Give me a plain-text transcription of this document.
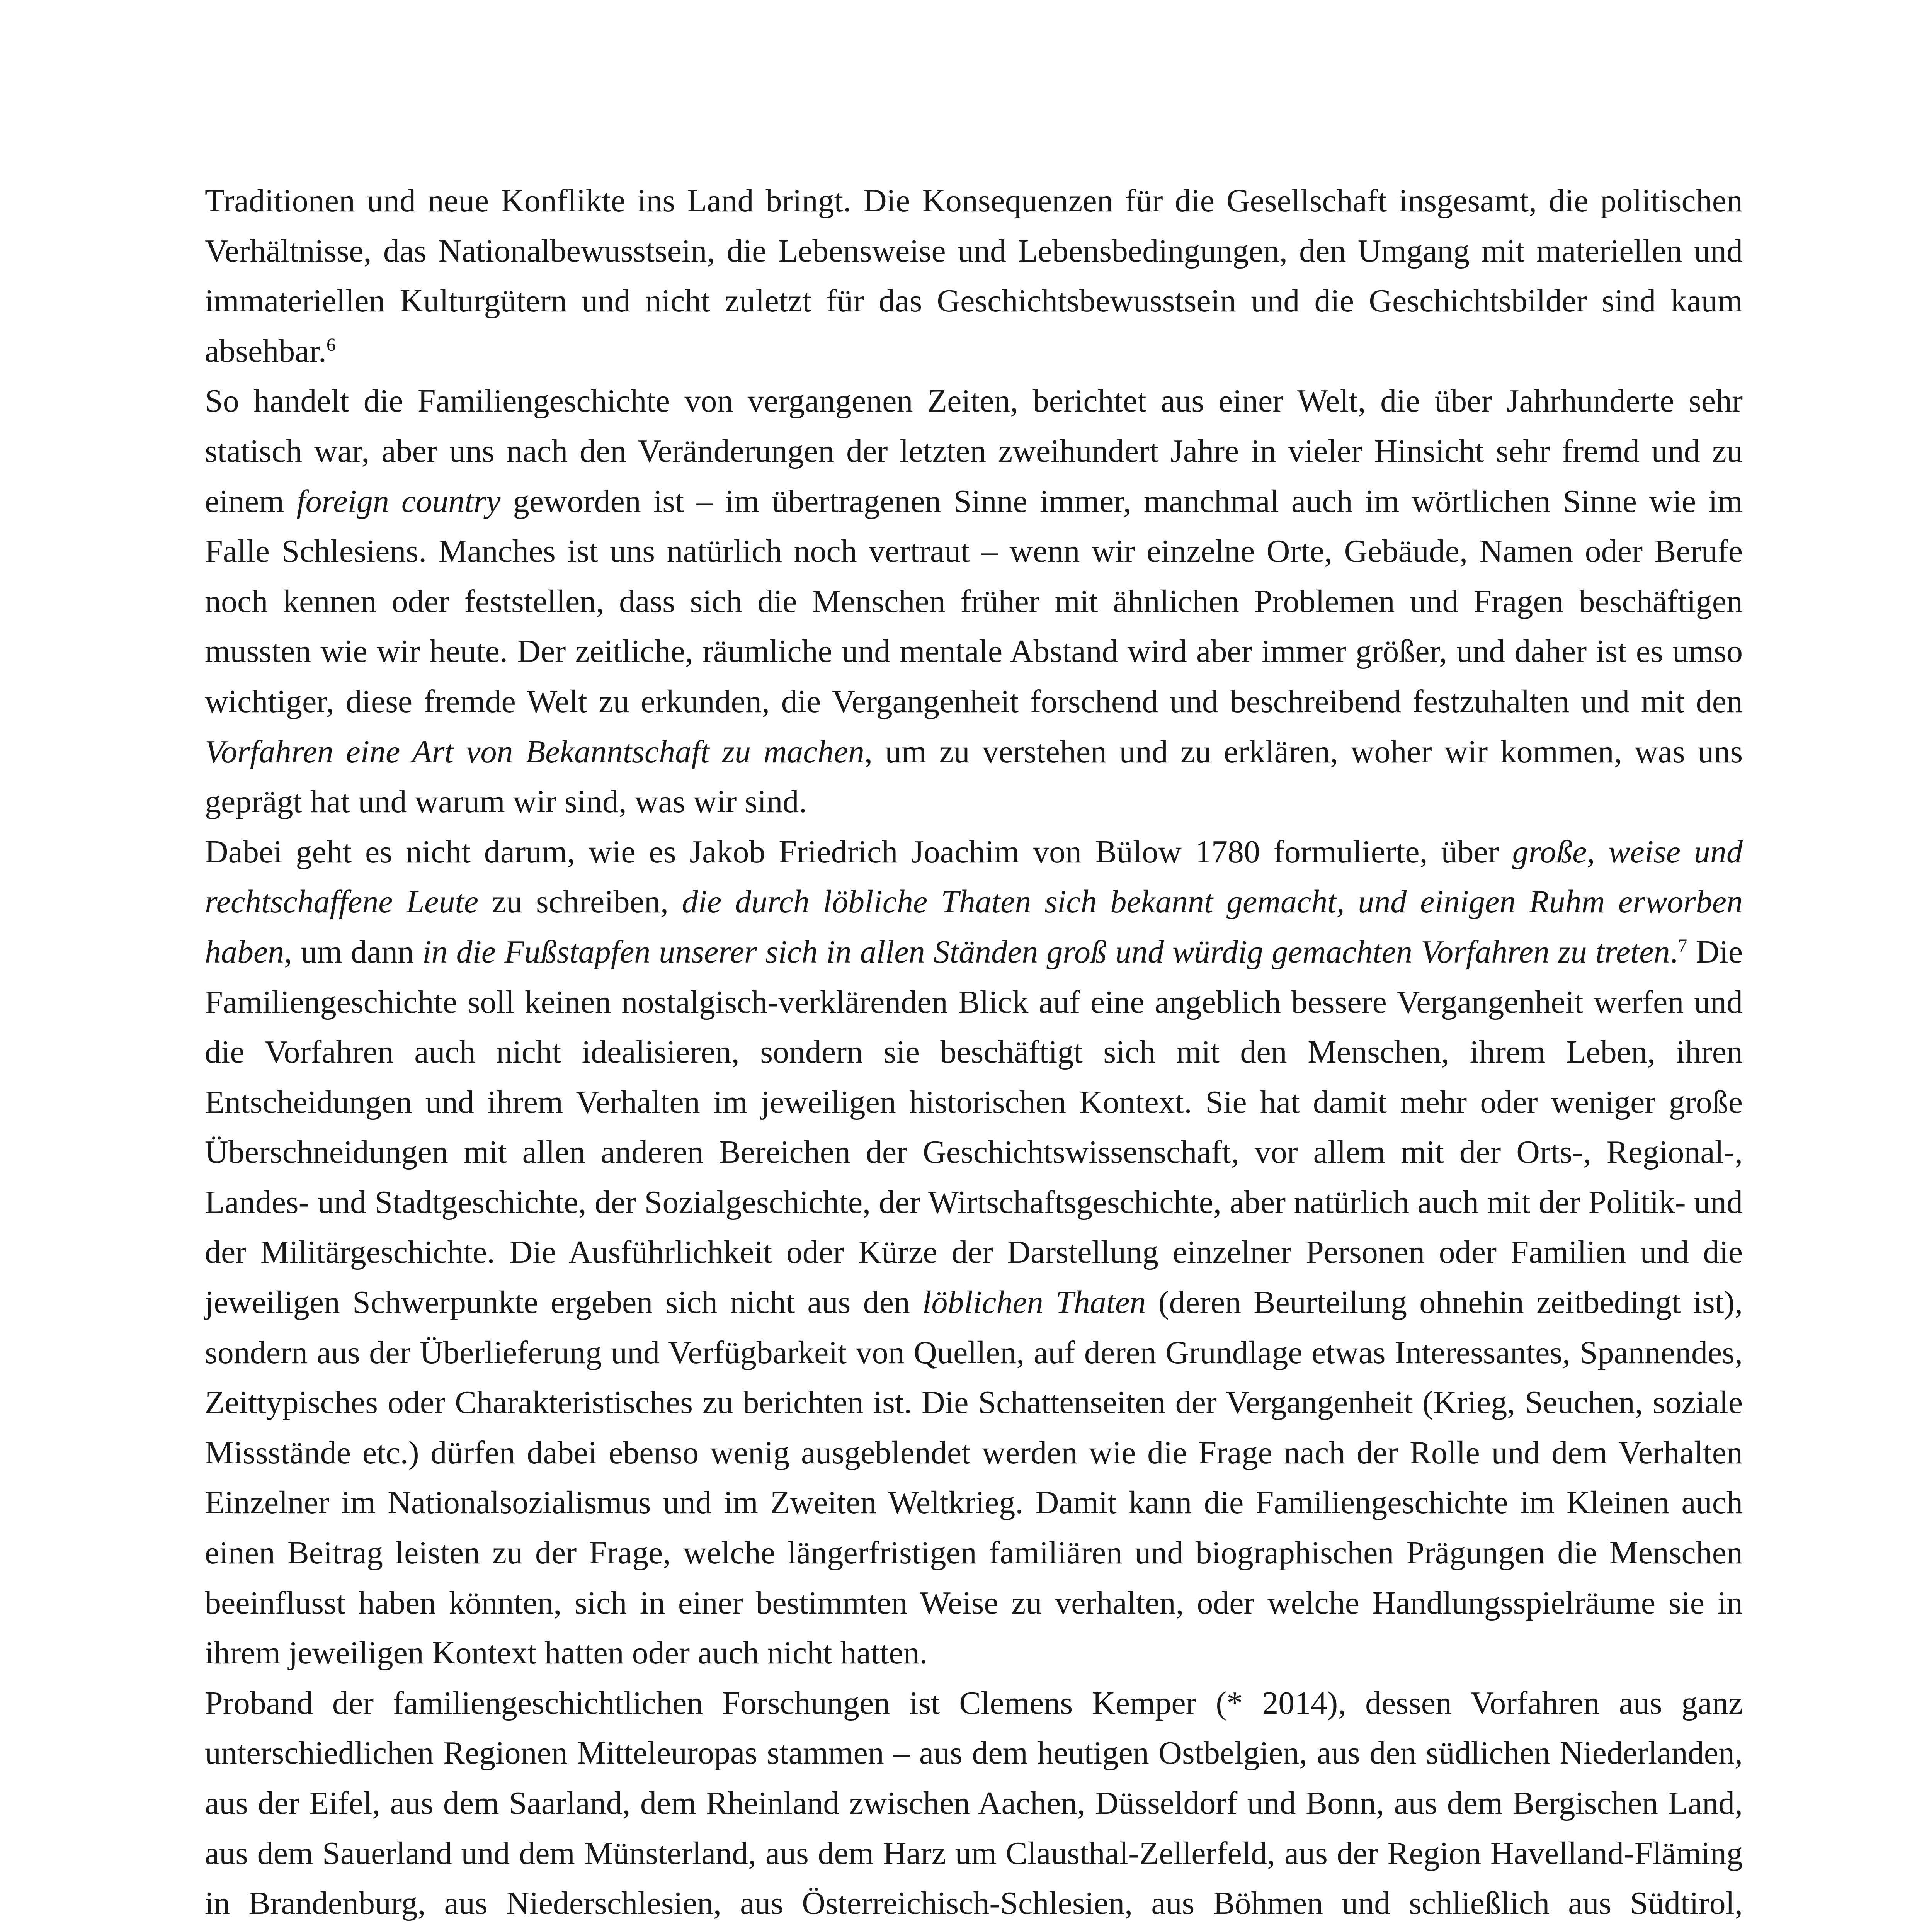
Traditionen und neue Konflikte ins Land bringt. Die Konsequenzen für die Gesellschaft insgesamt, die politischen Verhältnisse, das Nationalbewusstsein, die Lebensweise und Lebensbedingungen, den Umgang mit materiellen und immateriellen Kulturgütern und nicht zuletzt für das Geschichtsbewusstsein und die Geschichtsbilder sind kaum absehbar.$^6$

So handelt die Familiengeschichte von vergangenen Zeiten, berichtet aus einer Welt, die über Jahrhunderte sehr statisch war, aber uns nach den Veränderungen der letzten zweihundert Jahre in vieler Hinsicht sehr fremd und zu einem foreign country geworden ist – im übertragenen Sinne immer, manchmal auch im wörtlichen Sinne wie im Falle Schlesiens. Manches ist uns natürlich noch vertraut – wenn wir einzelne Orte, Gebäude, Namen oder Berufe noch kennen oder feststellen, dass sich die Menschen früher mit ähnlichen Problemen und Fragen beschäftigen mussten wie wir heute. Der zeitliche, räumliche und mentale Abstand wird aber immer größer, und daher ist es umso wichtiger, diese fremde Welt zu erkunden, die Vergangenheit forschend und beschreibend festzuhalten und mit den Vorfahren eine Art von Bekanntschaft zu machen, um zu verstehen und zu erklären, woher wir kommen, was uns geprägt hat und warum wir sind, was wir sind.

Dabei geht es nicht darum, wie es Jakob Friedrich Joachim von Bülow 1780 formulierte, über große, weise und rechtschaffene Leute zu schreiben, die durch löbliche Thaten sich bekannt gemacht, und einigen Ruhm erworben haben, um dann in die Fußstapfen unserer sich in allen Ständen groß und würdig gemachten Vorfahren zu treten.$^7$ Die Familiengeschichte soll keinen nostalgisch-verklärenden Blick auf eine angeblich bessere Vergangenheit werfen und die Vorfahren auch nicht idealisieren, sondern sie beschäftigt sich mit den Menschen, ihrem Leben, ihren Entscheidungen und ihrem Verhalten im jeweiligen historischen Kontext. Sie hat damit mehr oder weniger große Überschneidungen mit allen anderen Bereichen der Geschichtswissenschaft, vor allem mit der Orts-, Regional-, Landes- und Stadtgeschichte, der Sozialgeschichte, der Wirtschaftsgeschichte, aber natürlich auch mit der Politik- und der Militärgeschichte. Die Ausführlichkeit oder Kürze der Darstellung einzelner Personen oder Familien und die jeweiligen Schwerpunkte ergeben sich nicht aus den löblichen Thaten (deren Beurteilung ohnehin zeitbedingt ist), sondern aus der Überlieferung und Verfügbarkeit von Quellen, auf deren Grundlage etwas Interessantes, Spannendes, Zeittypisches oder Charakteristisches zu berichten ist. Die Schattenseiten der Vergangenheit (Krieg, Seuchen, soziale Missstände etc.) dürfen dabei ebenso wenig ausgeblendet werden wie die Frage nach der Rolle und dem Verhalten Einzelner im Nationalsozialismus und im Zweiten Weltkrieg. Damit kann die Familiengeschichte im Kleinen auch einen Beitrag leisten zu der Frage, welche längerfristigen familiären und biographischen Prägungen die Menschen beeinflusst haben könnten, sich in einer bestimmten Weise zu verhalten, oder welche Handlungsspielräume sie in ihrem jeweiligen Kontext hatten oder auch nicht hatten.

Proband der familiengeschichtlichen Forschungen ist Clemens Kemper (* 2014), dessen Vorfahren aus ganz unterschiedlichen Regionen Mitteleuropas stammen – aus dem heutigen Ostbelgien, aus den südlichen Niederlanden, aus der Eifel, aus dem Saarland, dem Rheinland zwischen Aachen, Düsseldorf und Bonn, aus dem Bergischen Land, aus dem Sauerland und dem Münsterland, aus dem Harz um Clausthal-Zellerfeld, aus der Region Havelland-Fläming in Brandenburg, aus Niederschlesien, aus Österreichisch-Schlesien, aus Böhmen und schließlich aus Südtirol,
